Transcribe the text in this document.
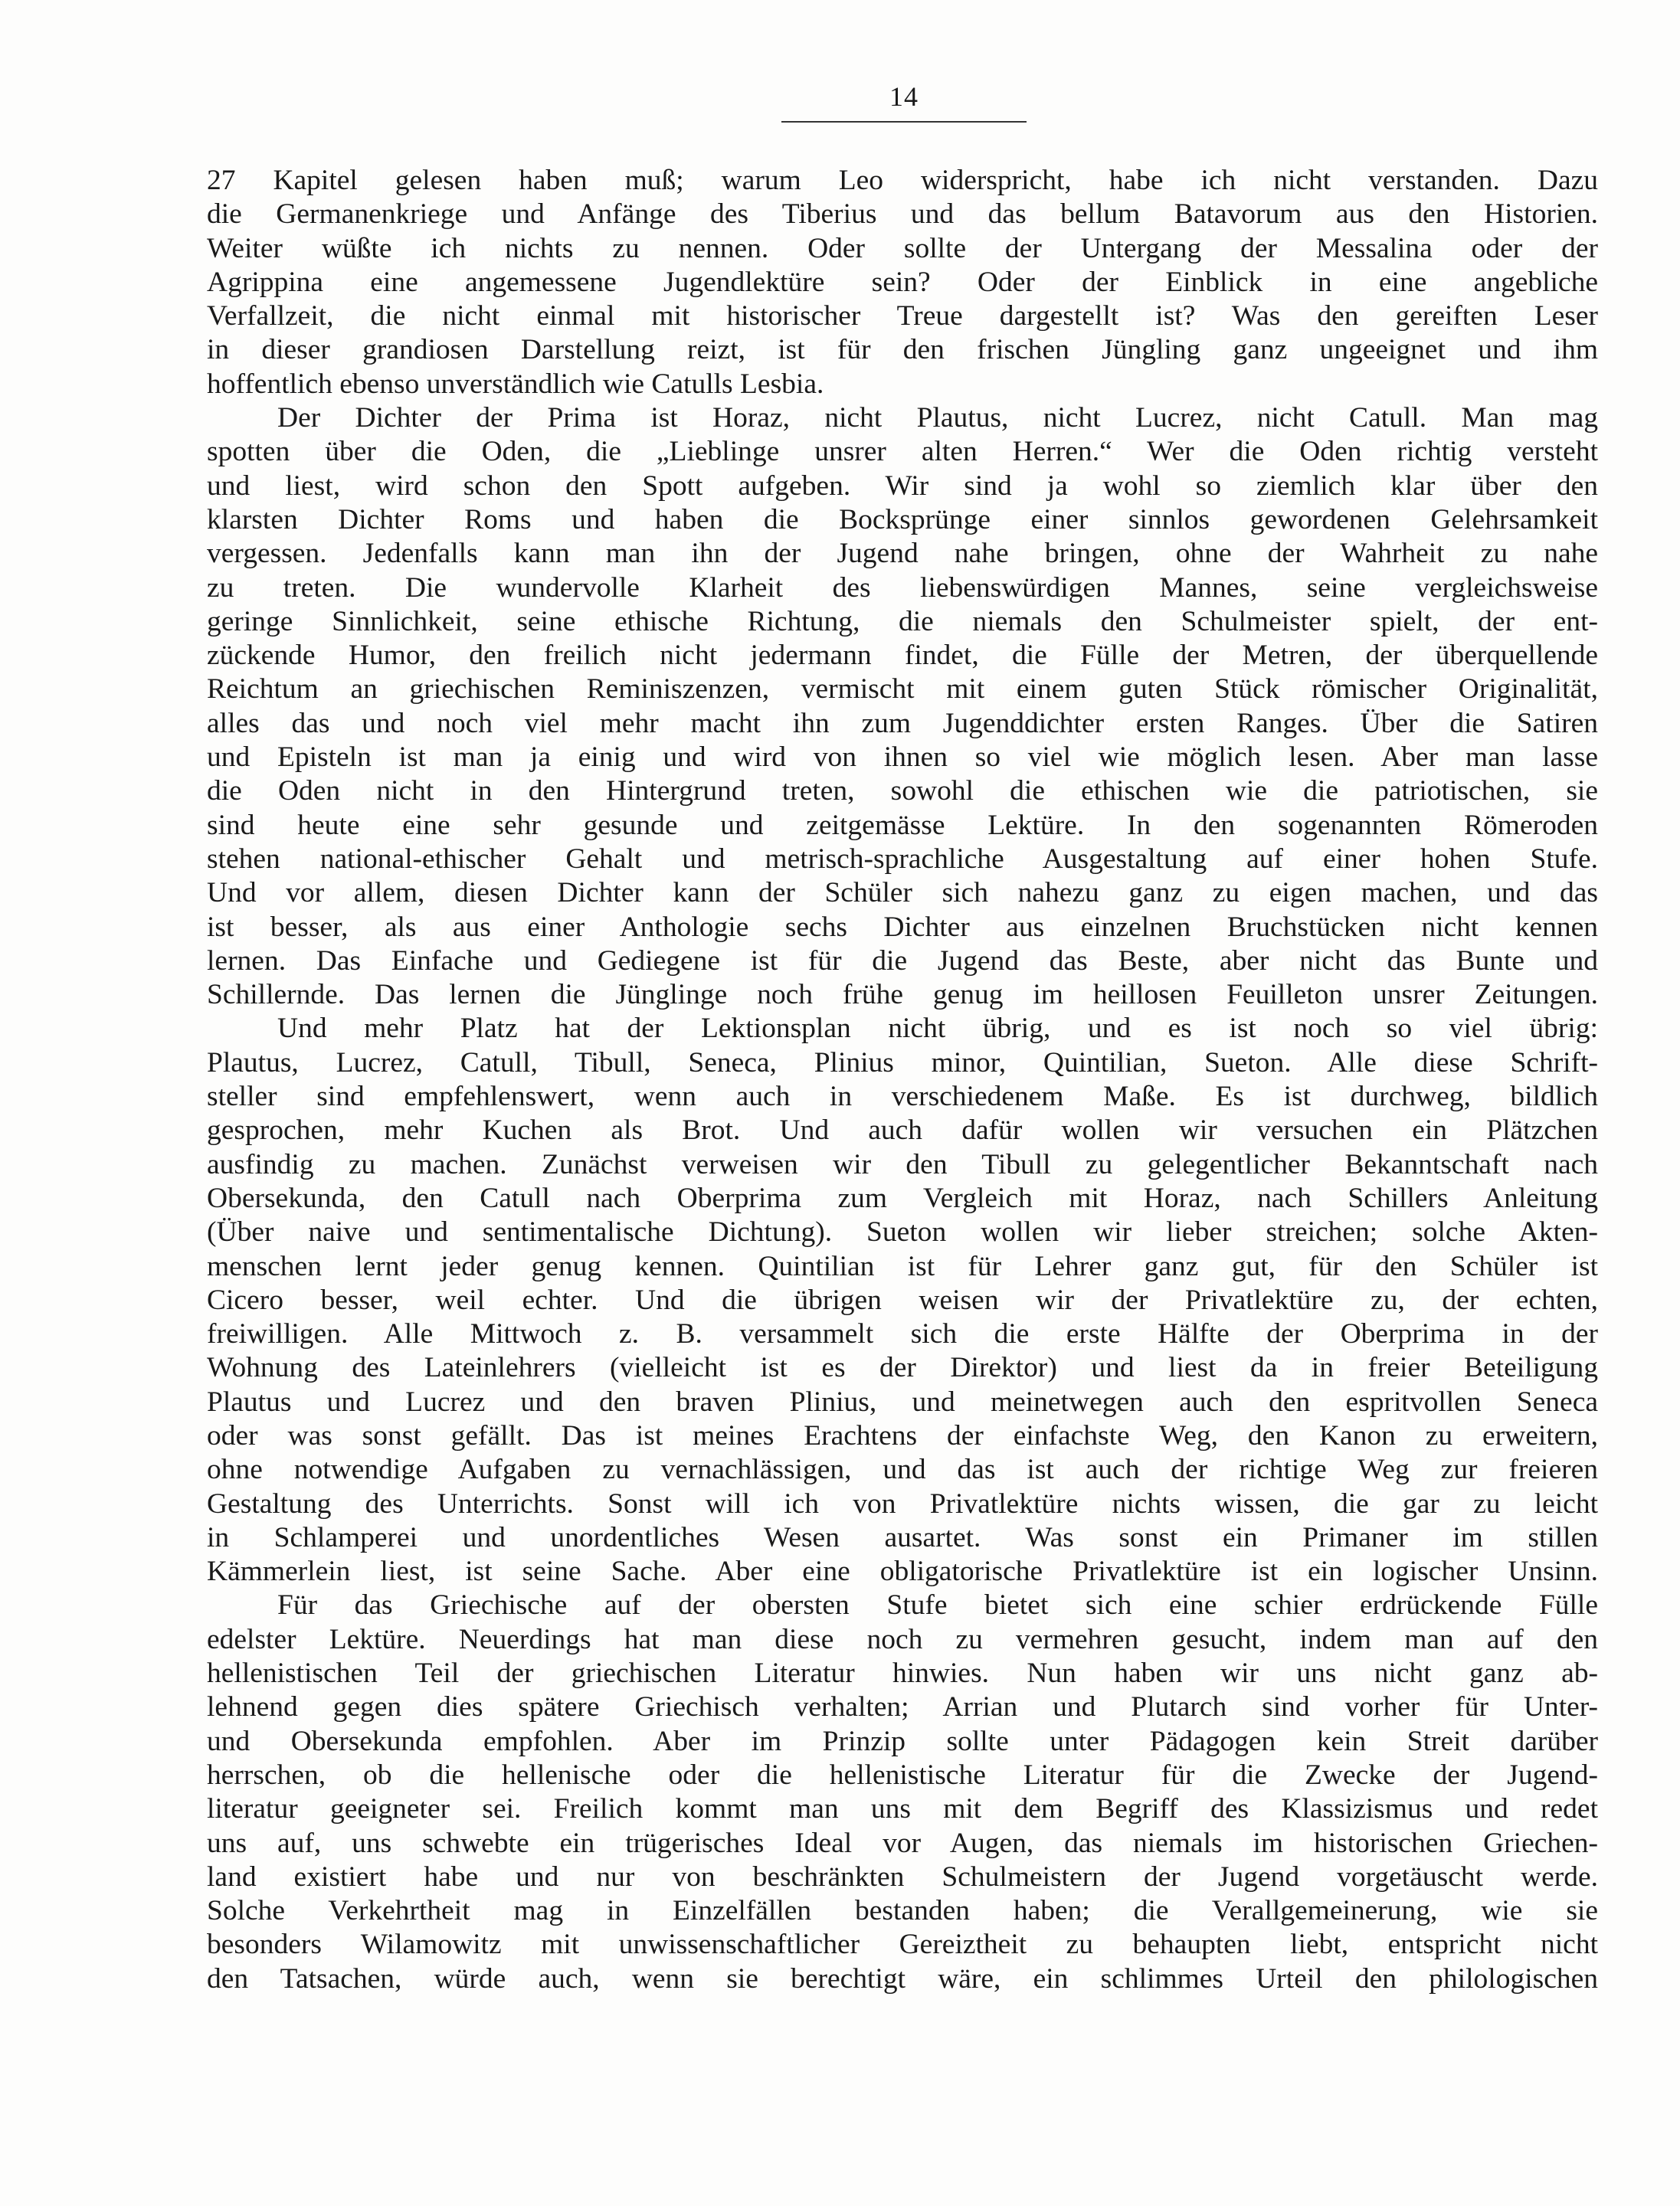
14
27 Kapitel gelesen haben muß; warum Leo widerspricht, habe ich nicht verstanden. Dazu
die Germanenkriege und Anfänge des Tiberius und das bellum Batavorum aus den Historien.
Weiter wüßte ich nichts zu nennen. Oder sollte der Untergang der Messalina oder der
Agrippina eine angemessene Jugendlektüre sein? Oder der Einblick in eine angebliche
Verfallzeit, die nicht einmal mit historischer Treue dargestellt ist? Was den gereiften Leser
in dieser grandiosen Darstellung reizt, ist für den frischen Jüngling ganz ungeeignet und ihm
hoffentlich ebenso unverständlich wie Catulls Lesbia.
Der Dichter der Prima ist Horaz, nicht Plautus, nicht Lucrez, nicht Catull. Man mag
spotten über die Oden, die „Lieblinge unsrer alten Herren.“ Wer die Oden richtig versteht
und liest, wird schon den Spott aufgeben. Wir sind ja wohl so ziemlich klar über den
klarsten Dichter Roms und haben die Bocksprünge einer sinnlos gewordenen Gelehrsamkeit
vergessen. Jedenfalls kann man ihn der Jugend nahe bringen, ohne der Wahrheit zu nahe
zu treten. Die wundervolle Klarheit des liebenswürdigen Mannes, seine vergleichsweise
geringe Sinnlichkeit, seine ethische Richtung, die niemals den Schulmeister spielt, der ent-
zückende Humor, den freilich nicht jedermann findet, die Fülle der Metren, der überquellende
Reichtum an griechischen Reminiszenzen, vermischt mit einem guten Stück römischer Originalität,
alles das und noch viel mehr macht ihn zum Jugenddichter ersten Ranges. Über die Satiren
und Episteln ist man ja einig und wird von ihnen so viel wie möglich lesen. Aber man lasse
die Oden nicht in den Hintergrund treten, sowohl die ethischen wie die patriotischen, sie
sind heute eine sehr gesunde und zeitgemässe Lektüre. In den sogenannten Römeroden
stehen national-ethischer Gehalt und metrisch-sprachliche Ausgestaltung auf einer hohen Stufe.
Und vor allem, diesen Dichter kann der Schüler sich nahezu ganz zu eigen machen, und das
ist besser, als aus einer Anthologie sechs Dichter aus einzelnen Bruchstücken nicht kennen
lernen. Das Einfache und Gediegene ist für die Jugend das Beste, aber nicht das Bunte und
Schillernde. Das lernen die Jünglinge noch frühe genug im heillosen Feuilleton unsrer Zeitungen.
Und mehr Platz hat der Lektionsplan nicht übrig, und es ist noch so viel übrig:
Plautus, Lucrez, Catull, Tibull, Seneca, Plinius minor, Quintilian, Sueton. Alle diese Schrift-
steller sind empfehlenswert, wenn auch in verschiedenem Maße. Es ist durchweg, bildlich
gesprochen, mehr Kuchen als Brot. Und auch dafür wollen wir versuchen ein Plätzchen
ausfindig zu machen. Zunächst verweisen wir den Tibull zu gelegentlicher Bekanntschaft nach
Obersekunda, den Catull nach Oberprima zum Vergleich mit Horaz, nach Schillers Anleitung
(Über naive und sentimentalische Dichtung). Sueton wollen wir lieber streichen; solche Akten-
menschen lernt jeder genug kennen. Quintilian ist für Lehrer ganz gut, für den Schüler ist
Cicero besser, weil echter. Und die übrigen weisen wir der Privatlektüre zu, der echten,
freiwilligen. Alle Mittwoch z. B. versammelt sich die erste Hälfte der Oberprima in der
Wohnung des Lateinlehrers (vielleicht ist es der Direktor) und liest da in freier Beteiligung
Plautus und Lucrez und den braven Plinius, und meinetwegen auch den espritvollen Seneca
oder was sonst gefällt. Das ist meines Erachtens der einfachste Weg, den Kanon zu erweitern,
ohne notwendige Aufgaben zu vernachlässigen, und das ist auch der richtige Weg zur freieren
Gestaltung des Unterrichts. Sonst will ich von Privatlektüre nichts wissen, die gar zu leicht
in Schlamperei und unordentliches Wesen ausartet. Was sonst ein Primaner im stillen
Kämmerlein liest, ist seine Sache. Aber eine obligatorische Privatlektüre ist ein logischer Unsinn.
Für das Griechische auf der obersten Stufe bietet sich eine schier erdrückende Fülle
edelster Lektüre. Neuerdings hat man diese noch zu vermehren gesucht, indem man auf den
hellenistischen Teil der griechischen Literatur hinwies. Nun haben wir uns nicht ganz ab-
lehnend gegen dies spätere Griechisch verhalten; Arrian und Plutarch sind vorher für Unter-
und Obersekunda empfohlen. Aber im Prinzip sollte unter Pädagogen kein Streit darüber
herrschen, ob die hellenische oder die hellenistische Literatur für die Zwecke der Jugend-
literatur geeigneter sei. Freilich kommt man uns mit dem Begriff des Klassizismus und redet
uns auf, uns schwebte ein trügerisches Ideal vor Augen, das niemals im historischen Griechen-
land existiert habe und nur von beschränkten Schulmeistern der Jugend vorgetäuscht werde.
Solche Verkehrtheit mag in Einzelfällen bestanden haben; die Verallgemeinerung, wie sie
besonders Wilamowitz mit unwissenschaftlicher Gereiztheit zu behaupten liebt, entspricht nicht
den Tatsachen, würde auch, wenn sie berechtigt wäre, ein schlimmes Urteil den philologischen
